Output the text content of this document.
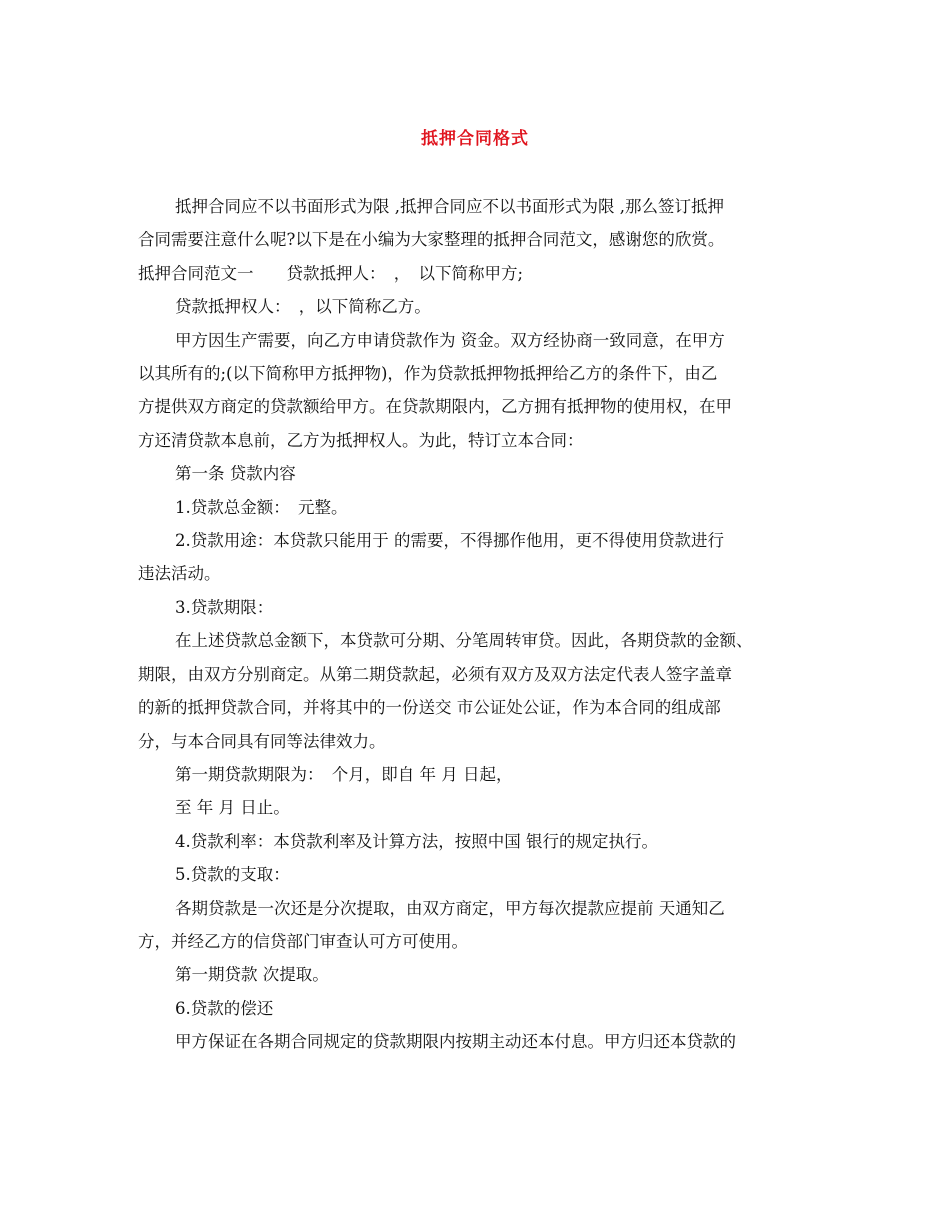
抵押合同格式

抵押合同应不以书面形式为限 ,抵押合同应不以书面形式为限 ,那么签订抵押
合同需要注意什么呢?以下是在小编为大家整理的抵押合同范文，感谢您的欣赏。

抵押合同范文一　　贷款抵押人：　，　以下简称甲方;

贷款抵押权人：　，以下简称乙方。

甲方因生产需要，向乙方申请贷款作为 资金。双方经协商一致同意，在甲方
以其所有的;(以下简称甲方抵押物)，作为贷款抵押物抵押给乙方的条件下，由乙
方提供双方商定的贷款额给甲方。在贷款期限内，乙方拥有抵押物的使用权，在甲
方还清贷款本息前，乙方为抵押权人。为此，特订立本合同：

第一条 贷款内容

1.贷款总金额：　元整。

2.贷款用途：本贷款只能用于 的需要，不得挪作他用，更不得使用贷款进行
违法活动。

3.贷款期限：

在上述贷款总金额下，本贷款可分期、分笔周转审贷。因此，各期贷款的金额、
期限，由双方分别商定。从第二期贷款起，必须有双方及双方法定代表人签字盖章
的新的抵押贷款合同，并将其中的一份送交 市公证处公证，作为本合同的组成部
分，与本合同具有同等法律效力。

第一期贷款期限为：　个月，即自 年 月 日起，

至 年 月 日止。

4.贷款利率：本贷款利率及计算方法，按照中国 银行的规定执行。

5.贷款的支取：

各期贷款是一次还是分次提取，由双方商定，甲方每次提款应提前 天通知乙
方，并经乙方的信贷部门审查认可方可使用。

第一期贷款 次提取。

6.贷款的偿还

甲方保证在各期合同规定的贷款期限内按期主动还本付息。甲方归还本贷款的
